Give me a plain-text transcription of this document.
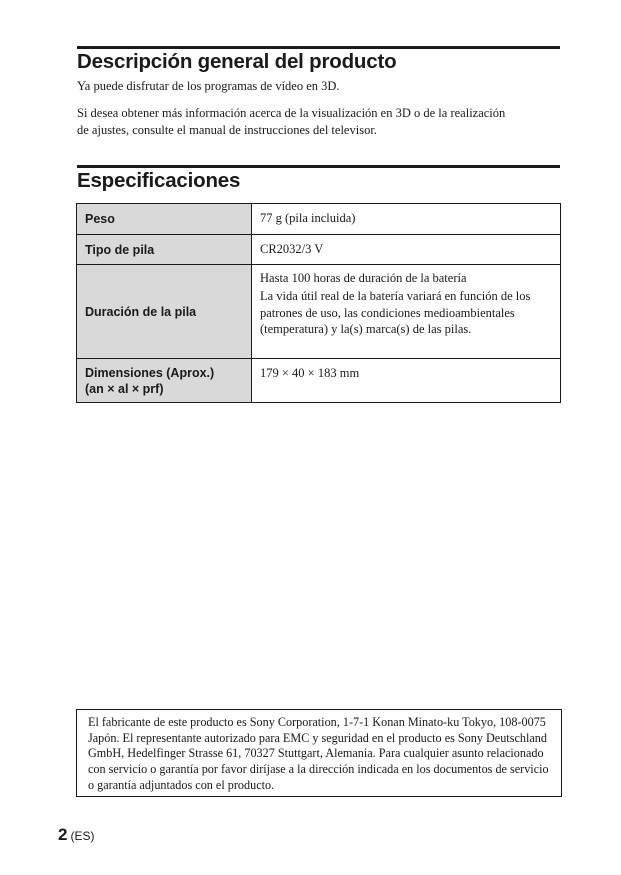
Descripción general del producto
Ya puede disfrutar de los programas de vídeo en 3D.
Si desea obtener más información acerca de la visualización en 3D o de la realización de ajustes, consulte el manual de instrucciones del televisor.
Especificaciones
Peso	77 g (pila incluida)
Tipo de pila	CR2032/3 V
Duración de la pila	Hasta 100 horas de duración de la batería
La vida útil real de la batería variará en función de los patrones de uso, las condiciones medioambientales (temperatura) y la(s) marca(s) de las pilas.

Dimensiones (Aprox.)
(an × al × prf)	179 × 40 × 183 mm
El fabricante de este producto es Sony Corporation, 1-7-1 Konan Minato-ku Tokyo, 108-0075 Japón. El representante autorizado para EMC y seguridad en el producto es Sony Deutschland GmbH, Hedelfinger Strasse 61, 70327 Stuttgart, Alemania. Para cualquier asunto relacionado con servicio o garantía por favor diríjase a la dirección indicada en los documentos de servicio o garantía adjuntados con el producto.
2 (ES)
